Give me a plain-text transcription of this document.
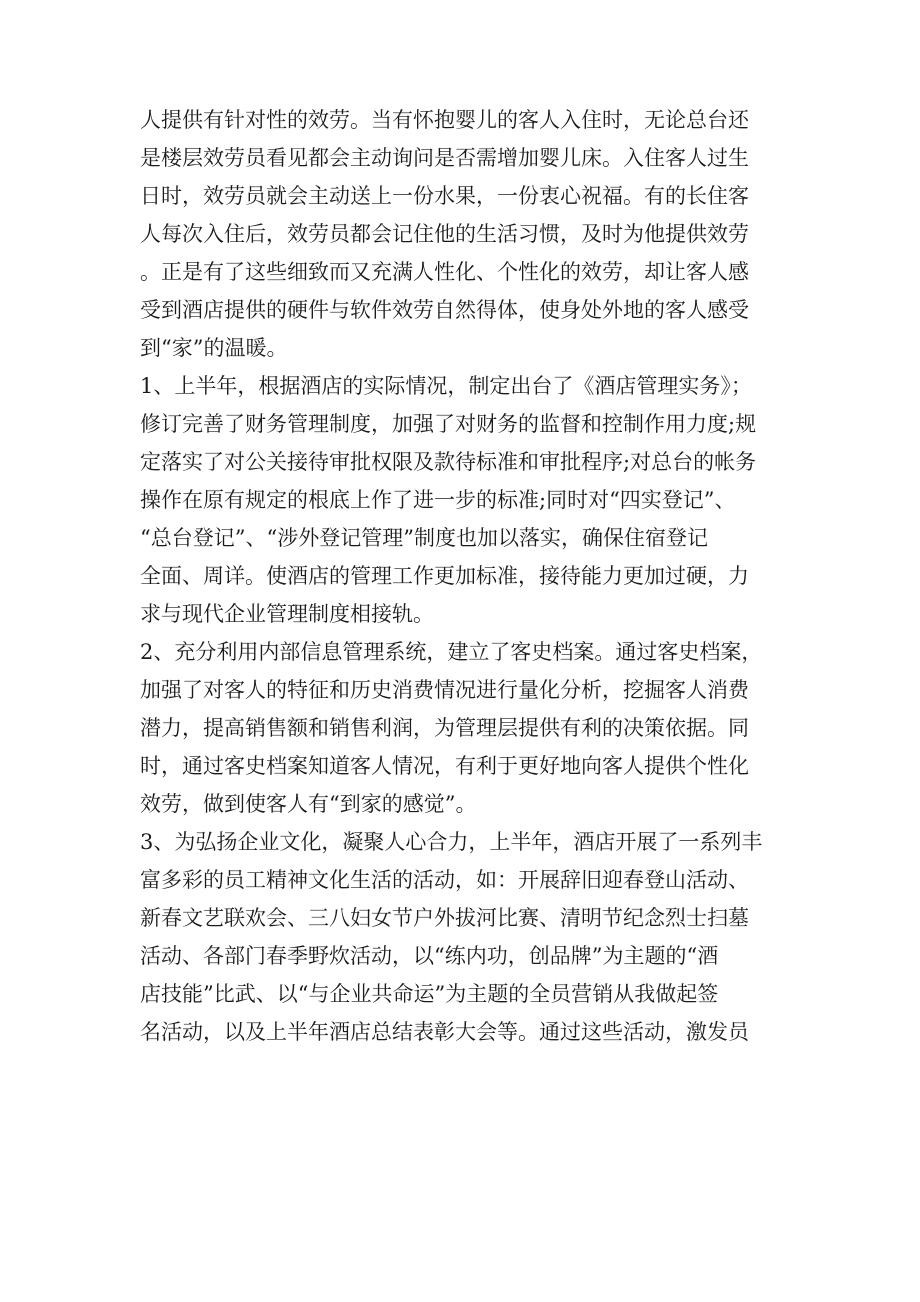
人提供有针对性的效劳。当有怀抱婴儿的客人入住时，无论总台还
是楼层效劳员看见都会主动询问是否需增加婴儿床。入住客人过生
日时，效劳员就会主动送上一份水果，一份衷心祝福。有的长住客
人每次入住后，效劳员都会记住他的生活习惯，及时为他提供效劳
。正是有了这些细致而又充满人性化、个性化的效劳，却让客人感
受到酒店提供的硬件与软件效劳自然得体，使身处外地的客人感受
到“家”的温暖。
1、上半年，根据酒店的实际情况，制定出台了《酒店管理实务》；
修订完善了财务管理制度，加强了对财务的监督和控制作用力度;规
定落实了对公关接待审批权限及款待标准和审批程序;对总台的帐务
操作在原有规定的根底上作了进一步的标准;同时对“四实登记”、
“总台登记”、“涉外登记管理”制度也加以落实，确保住宿登记
全面、周详。使酒店的管理工作更加标准，接待能力更加过硬，力
求与现代企业管理制度相接轨。
2、充分利用内部信息管理系统，建立了客史档案。通过客史档案，
加强了对客人的特征和历史消费情况进行量化分析，挖掘客人消费
潜力，提高销售额和销售利润，为管理层提供有利的决策依据。同
时，通过客史档案知道客人情况，有利于更好地向客人提供个性化
效劳，做到使客人有“到家的感觉”。
3、为弘扬企业文化，凝聚人心合力，上半年，酒店开展了一系列丰
富多彩的员工精神文化生活的活动，如：开展辞旧迎春登山活动、
新春文艺联欢会、三八妇女节户外拔河比赛、清明节纪念烈士扫墓
活动、各部门春季野炊活动，以“练内功，创品牌”为主题的“酒
店技能”比武、以“与企业共命运”为主题的全员营销从我做起签
名活动，以及上半年酒店总结表彰大会等。通过这些活动，激发员
